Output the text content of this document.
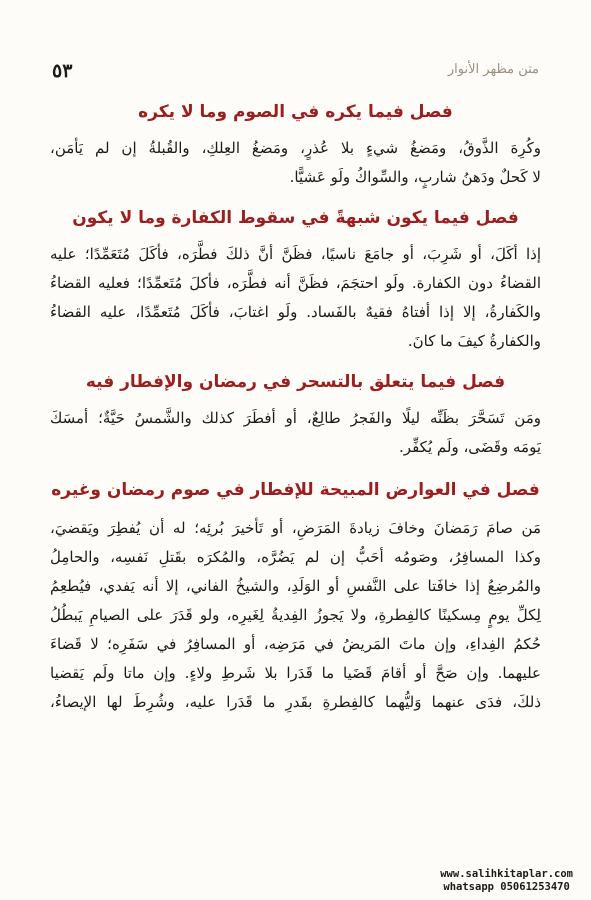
٥٣	متن مظهر الأنوار
فصل فيما يكره في الصوم وما لا يكره

وكُرِهَ الذَّوقُ، ومَضغُ شيءٍ بلا عُذرٍ، ومَضغُ العِلكِ، والقُبلةُ إن لم يَأمَن،
لا كَحلٌ ودَهنُ شاربٍ، والسِّواكُ ولَو عَشيًّا.

فصل فيما يكون شبهةً في سقوط الكفارة وما لا يكون

إذا أكَلَ، أو شَرِبَ، أو جامَعَ ناسيًا، فظَنَّ أنَّ ذلكَ فطَّرَه، فأكَلَ مُتَعَمِّدًا؛ عليه
القضاءُ دون الكفارة. ولَو احتجَمَ، فظَنَّ أنه فطَّرَه، فأكلَ مُتَعمِّدًا؛ فعليه القضاءُ
والكَفارةُ، إلا إذا أفتاهُ فقيهٌ بالفَساد. ولَو اغتابَ، فأكَلَ مُتَعمِّدًا، عليه القضاءُ
والكفارةُ كيفَ ما كانَ.

فصل فيما يتعلق بالتسحر في رمضان والإفطار فيه

ومَن تَسَحَّرَ بظَنِّه ليلًا والفَجرُ طالِعٌ، أو أفطَرَ كذلك والشَّمسُ حَيَّةٌ؛ أمسَكَ
يَومَه وقَضَى، ولَم يُكفِّر.

فصل في العوارض المبيحة للإفطار في صوم رمضان وغيره

مَن صامَ رَمَضانَ وخافَ زيادةَ المَرَضِ، أو تَأخيرَ بُرئِه؛ له أن يُفطِرَ ويَقضيَ،
وكذا المسافِرُ، وصَومُه أحَبُّ إن لم يَضُرَّه، والمُكرَه بقَتلِ نَفسِه، والحامِلُ
والمُرضِعُ إذا خافَتا على النَّفسِ أو الوَلَدِ، والشيخُ الفاني، إلا أنه يَفدي، فيُطعِمُ
لِكلِّ يومٍ مِسكينًا كالفِطرةِ، ولا يَجوزُ الفِديةُ لِغَيرِه، ولو قَدَرَ على الصيامِ يَبطُلُ
حُكمُ الفِداءِ، وإن ماتَ المَريضُ في مَرَضِه، أو المسافِرُ في سَفَرِه؛ لا قَضاءَ
عليهما. وإن صَحَّ أو أقامَ قَضَيا ما قَدَرا بلا شَرطِ ولاءٍ. وإن ماتا ولَم يَقضيا
ذلكَ، فدَى عنهما وَليُّهما كالفِطرةِ بقَدرِ ما قَدَرا عليه، وشُرِطَ لها الإيصاءُ،

www.salihkitaplar.com
whatsapp 05061253470
